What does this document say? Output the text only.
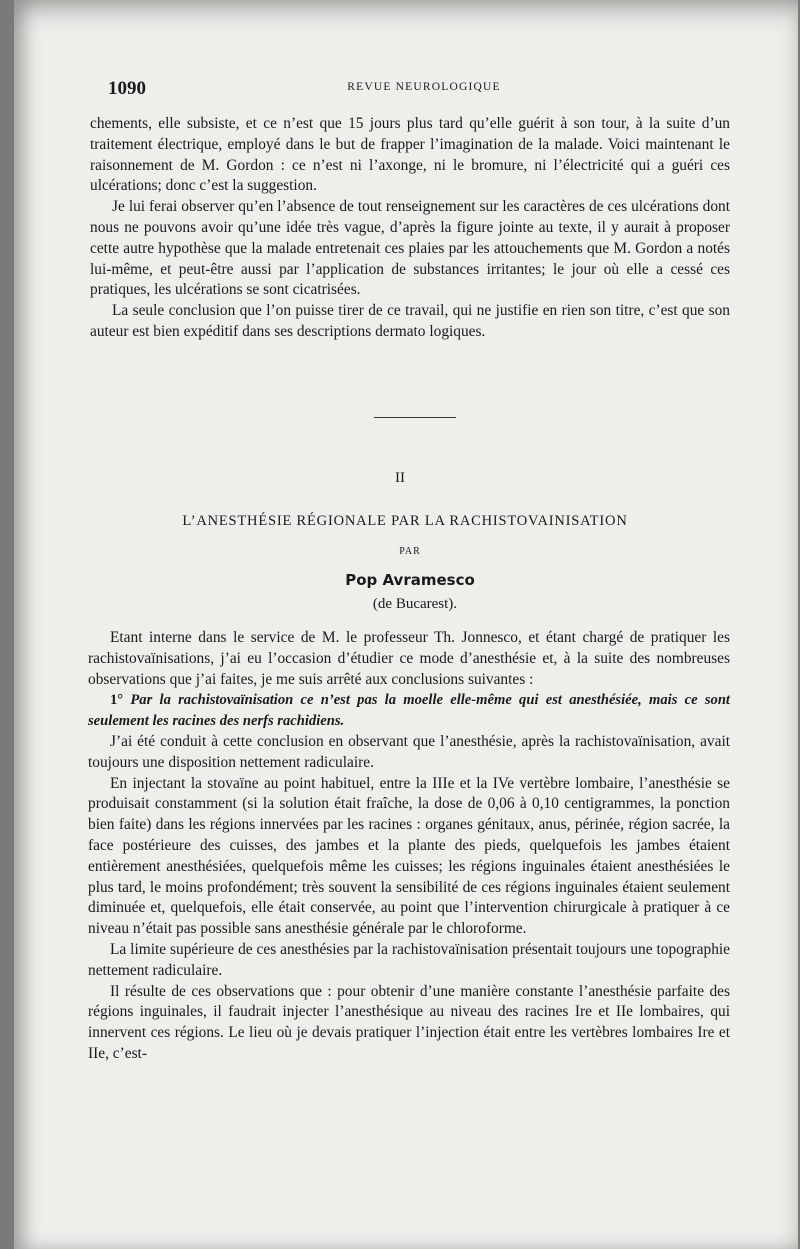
1090	REVUE NEUROLOGIQUE

chements, elle subsiste, et ce n’est que 15 jours plus tard qu’elle guérit à son tour, à la suite d’un traitement électrique, employé dans le but de frapper l’imagination de la malade. Voici maintenant le raisonnement de M. Gordon : ce n’est ni l’axonge, ni le bromure, ni l’électricité qui a guéri ces ulcérations; donc c’est la suggestion.

Je lui ferai observer qu’en l’absence de tout renseignement sur les caractères de ces ulcérations dont nous ne pouvons avoir qu’une idée très vague, d’après la figure jointe au texte, il y aurait à proposer cette autre hypothèse que la malade entretenait ces plaies par les attouchements que M. Gordon a notés lui-même, et peut-être aussi par l’application de substances irritantes; le jour où elle a cessé ces pratiques, les ulcérations se sont cicatrisées.

La seule conclusion que l’on puisse tirer de ce travail, qui ne justifie en rien son titre, c’est que son auteur est bien expéditif dans ses descriptions dermato logiques.

II
L’ANESTHÉSIE RÉGIONALE PAR LA RACHISTOVAINISATION
PAR
Pop Avramesco
(de Bucarest).

Etant interne dans le service de M. le professeur Th. Jonnesco, et étant chargé de pratiquer les rachistovaïnisations, j’ai eu l’occasion d’étudier ce mode d’anesthésie et, à la suite des nombreuses observations que j’ai faites, je me suis arrêté aux conclusions suivantes :

1° Par la rachistovaïnisation ce n’est pas la moelle elle-même qui est anesthésiée, mais ce sont seulement les racines des nerfs rachidiens.

J’ai été conduit à cette conclusion en observant que l’anesthésie, après la rachistovaïnisation, avait toujours une disposition nettement radiculaire.

En injectant la stovaïne au point habituel, entre la IIIe et la IVe vertèbre lombaire, l’anesthésie se produisait constamment (si la solution était fraîche, la dose de 0,06 à 0,10 centigrammes, la ponction bien faite) dans les régions innervées par les racines : organes génitaux, anus, périnée, région sacrée, la face postérieure des cuisses, des jambes et la plante des pieds, quelquefois les jambes étaient entièrement anesthésiées, quelquefois même les cuisses; les régions inguinales étaient anesthésiées le plus tard, le moins profondément; très souvent la sensibilité de ces régions inguinales étaient seulement diminuée et, quelquefois, elle était conservée, au point que l’intervention chirurgicale à pratiquer à ce niveau n’était pas possible sans anesthésie générale par le chloroforme.

La limite supérieure de ces anesthésies par la rachistovaïnisation présentait toujours une topographie nettement radiculaire.

Il résulte de ces observations que : pour obtenir d’une manière constante l’anesthésie parfaite des régions inguinales, il faudrait injecter l’anesthésique au niveau des racines Ire et IIe lombaires, qui innervent ces régions. Le lieu où je devais pratiquer l’injection était entre les vertèbres lombaires Ire et IIe, c’est-
